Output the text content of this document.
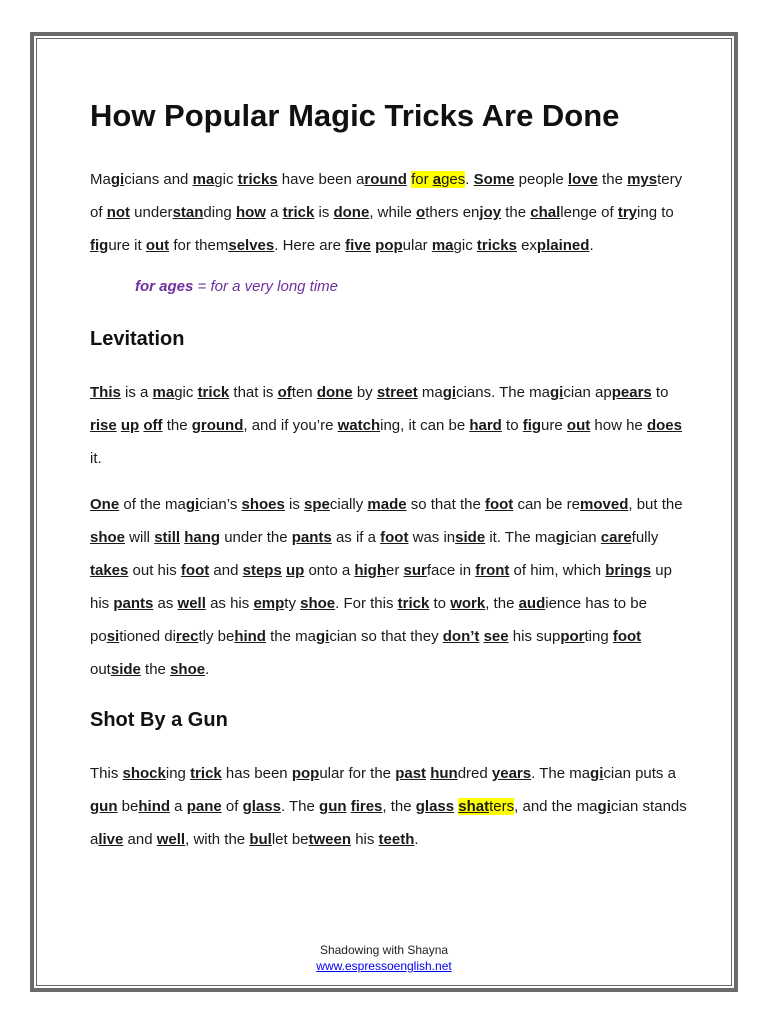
How Popular Magic Tricks Are Done

Magicians and magic tricks have been around for ages. Some people love the mystery of not understanding how a trick is done, while others enjoy the challenge of trying to figure it out for themselves. Here are five popular magic tricks explained.

for ages = for a very long time

Levitation

This is a magic trick that is often done by street magicians. The magician appears to rise up off the ground, and if you’re watching, it can be hard to figure out how he does it.

One of the magician’s shoes is specially made so that the foot can be removed, but the shoe will still hang under the pants as if a foot was inside it. The magician carefully takes out his foot and steps up onto a higher surface in front of him, which brings up his pants as well as his empty shoe. For this trick to work, the audience has to be positioned directly behind the magician so that they don’t see his supporting foot outside the shoe.

Shot By a Gun

This shocking trick has been popular for the past hundred years. The magician puts a gun behind a pane of glass. The gun fires, the glass shatters, and the magician stands alive and well, with the bullet between his teeth.

Shadowing with Shayna
www.espressoenglish.net
